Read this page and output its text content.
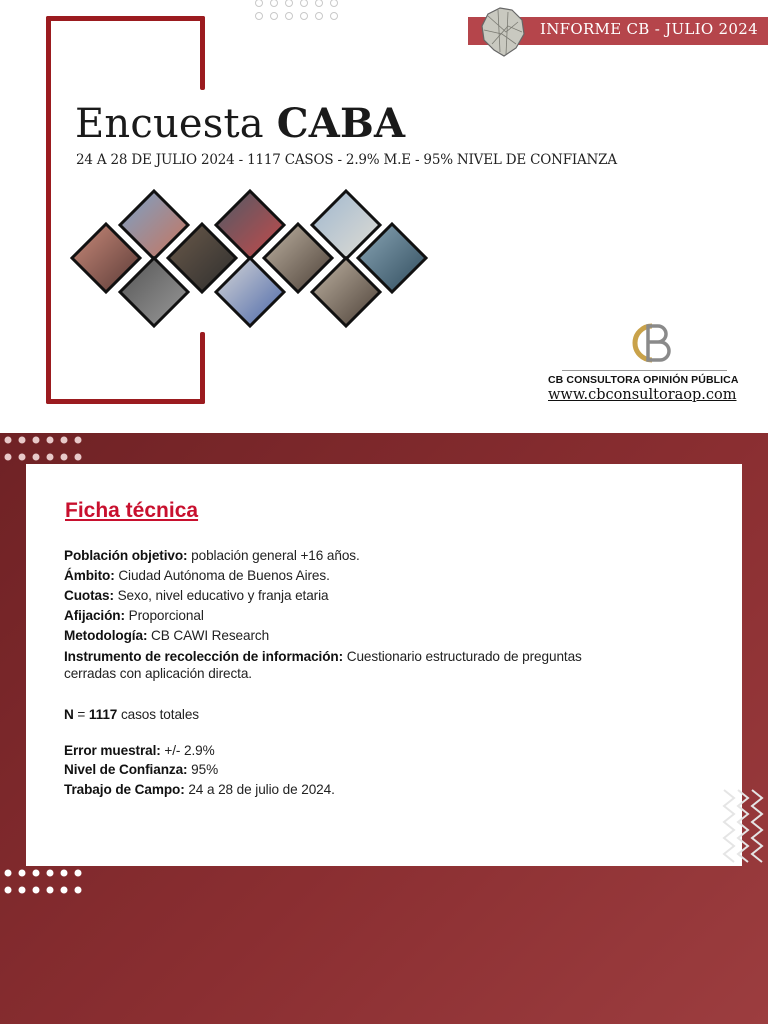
INFORME CB - JULIO 2024
Encuesta CABA
24 A 28 DE JULIO 2024 - 1117 CASOS - 2.9% M.E - 95% NIVEL DE CONFIANZA
CB CONSULTORA OPINIÓN PÚBLICA
www.cbconsultoraop.com
Ficha técnica
Población objetivo: población general +16 años.
Ámbito: Ciudad Autónoma de Buenos Aires.
Cuotas: Sexo, nivel educativo y franja etaria
Afijación: Proporcional
Metodología: CB CAWI Research
Instrumento de recolección de información: Cuestionario estructurado de preguntas
cerradas con aplicación directa.
N = 1117 casos totales
Error muestral: +/- 2.9%
Nivel de Confianza: 95%
Trabajo de Campo: 24 a 28 de julio de 2024.
